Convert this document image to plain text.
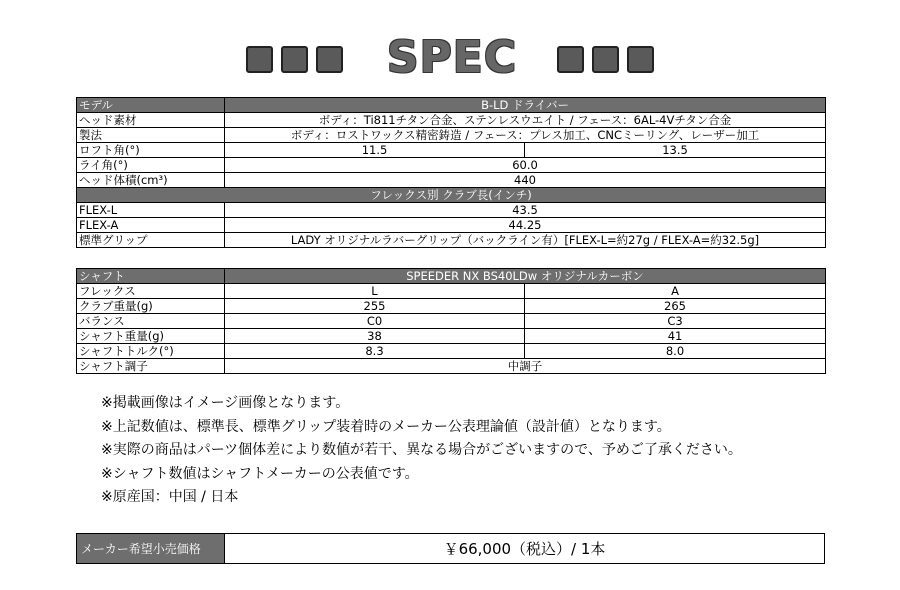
SPEC
モデル	B-LD ドライバー	
ヘッド素材	ボディ：Ti811チタン合金、ステンレスウエイト / フェース：6AL-4Vチタン合金	
製法	ボディ：ロストワックス精密鋳造 / フェース：プレス加工、CNCミーリング、レーザー加工	
ロフト角(°)	11.5	13.5
ライ角(°)	60.0	
ヘッド体積(cm³)	440	
フレックス別 クラブ長(インチ)		
FLEX-L	43.5	
FLEX-A	44.25	
標準グリップ	LADY オリジナルラバーグリップ（バックライン有）[FLEX-L=約27g / FLEX-A=約32.5g]	
シャフト	SPEEDER NX BS40LDw オリジナルカーボン	
フレックス	L	A
クラブ重量(g)	255	265
バランス	C0	C3
シャフト重量(g)	38	41
シャフトトルク(°)	8.3	8.0
シャフト調子	中調子	
※掲載画像はイメージ画像となります。
※上記数値は、標準長、標準グリップ装着時のメーカー公表理論値（設計値）となります。
※実際の商品はパーツ個体差により数値が若干、異なる場合がございますので、予めご了承ください。
※シャフト数値はシャフトメーカーの公表値です。
※原産国：中国 / 日本
メーカー希望小売価格	￥66,000（税込）/ 1本
